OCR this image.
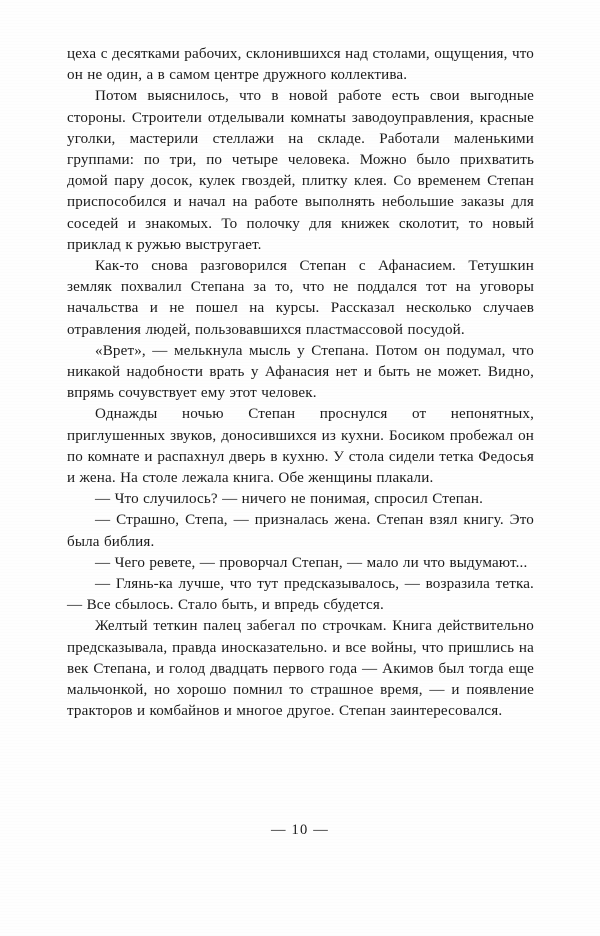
цеха с десятками рабочих, склонившихся над столами, ощущения, что он не один, а в самом центре дружного коллектива.

Потом выяснилось, что в новой работе есть свои выгодные стороны. Строители отделывали комнаты заводоуправления, красные уголки, мастерили стеллажи на складе. Работали маленькими группами: по три, по четыре человека. Можно было прихватить домой пару досок, кулек гвоздей, плитку клея. Со временем Степан приспособился и начал на работе выполнять небольшие заказы для соседей и знакомых. То полочку для книжек сколотит, то новый приклад к ружью выстругает.

Как-то снова разговорился Степан с Афанасием. Тетушкин земляк похвалил Степана за то, что не поддался тот на уговоры начальства и не пошел на курсы. Рассказал несколько случаев отравления людей, пользовавшихся пластмассовой посудой.

«Врет», — мелькнула мысль у Степана. Потом он подумал, что никакой надобности врать у Афанасия нет и быть не может. Видно, впрямь сочувствует ему этот человек.

Однажды ночью Степан проснулся от непонятных, приглушенных звуков, доносившихся из кухни. Босиком пробежал он по комнате и распахнул дверь в кухню. У стола сидели тетка Федосья и жена. На столе лежала книга. Обе женщины плакали.

— Что случилось? — ничего не понимая, спросил Степан.

— Страшно, Степа, — призналась жена. Степан взял книгу. Это была библия.

— Чего ревете, — проворчал Степан, — мало ли что выдумают...

— Глянь-ка лучше, что тут предсказывалось, — возразила тетка. — Все сбылось. Стало быть, и впредь сбудется.

Желтый теткин палец забегал по строчкам. Книга действительно предсказывала, правда иносказательно. и все войны, что пришлись на век Степана, и голод двадцать первого года — Акимов был тогда еще мальчонкой, но хорошо помнил то страшное время, — и появление тракторов и комбайнов и многое другое. Степан заинтересовался.

— 10 —
